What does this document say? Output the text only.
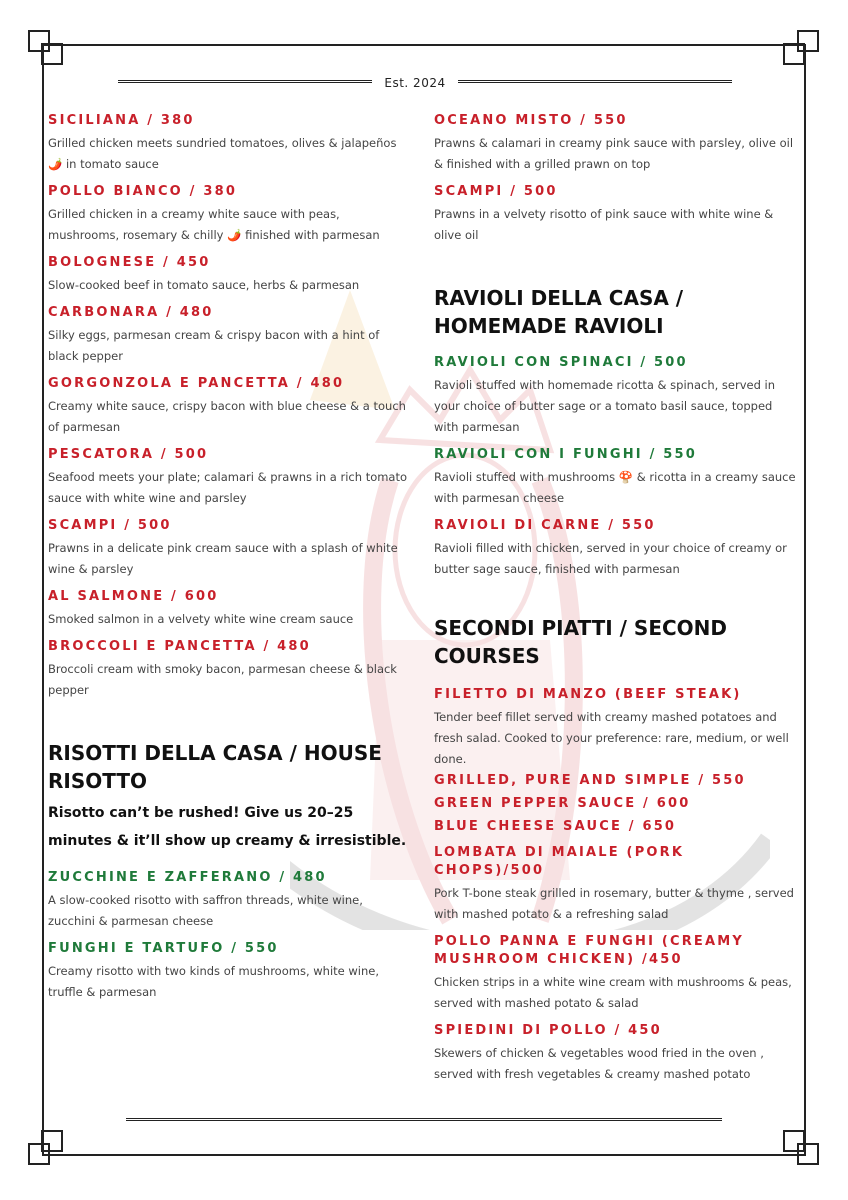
Est. 2024
SICILIANA / 380
Grilled chicken meets sundried tomatoes, olives & jalapeños 🌶️ in tomato sauce
POLLO BIANCO / 380
Grilled chicken in a creamy white sauce with peas, mushrooms, rosemary & chilly 🌶️ finished with parmesan
BOLOGNESE / 450
Slow-cooked beef in tomato sauce, herbs & parmesan
CARBONARA / 480
Silky eggs, parmesan cream & crispy bacon with a hint of black pepper
GORGONZOLA E PANCETTA / 480
Creamy white sauce, crispy bacon with blue cheese & a touch of parmesan
PESCATORA / 500
Seafood meets your plate; calamari & prawns in a rich tomato sauce with white wine and parsley
SCAMPI / 500
Prawns in a delicate pink cream sauce with a splash of white wine & parsley
AL SALMONE / 600
Smoked salmon in a velvety white wine cream sauce
BROCCOLI E PANCETTA / 480
Broccoli cream with smoky bacon, parmesan cheese & black pepper
RISOTTI DELLA CASA / HOUSE RISOTTO
Risotto can’t be rushed! Give us 20–25 minutes & it’ll show up creamy & irresistible.
ZUCCHINE E ZAFFERANO / 480
A slow-cooked risotto with saffron threads, white wine, zucchini & parmesan cheese
FUNGHI E TARTUFO / 550
Creamy risotto with two kinds of mushrooms, white wine, truffle & parmesan
OCEANO MISTO / 550
Prawns & calamari in creamy pink sauce with parsley, olive oil & finished with a grilled prawn on top
SCAMPI / 500
Prawns in a velvety risotto of pink sauce with white wine & olive oil
RAVIOLI DELLA CASA / HOMEMADE RAVIOLI
RAVIOLI CON SPINACI / 500
Ravioli stuffed with homemade ricotta & spinach, served in your choice of butter sage or a tomato basil sauce, topped with parmesan
RAVIOLI CON I FUNGHI / 550
Ravioli stuffed with mushrooms 🍄 & ricotta in a creamy sauce with parmesan cheese
RAVIOLI DI CARNE / 550
Ravioli filled with chicken, served in your choice of creamy or butter sage sauce, finished with parmesan
SECONDI PIATTI / SECOND COURSES
FILETTO DI MANZO (BEEF STEAK)
Tender beef fillet served with creamy mashed potatoes and fresh salad. Cooked to your preference: rare, medium, or well done.
GRILLED, PURE AND SIMPLE / 550
GREEN PEPPER SAUCE / 600
BLUE CHEESE SAUCE / 650
LOMBATA DI MAIALE (PORK CHOPS)/500
Pork T-bone steak grilled in rosemary, butter & thyme , served with mashed potato & a refreshing salad
POLLO PANNA E FUNGHI (CREAMY MUSHROOM CHICKEN) /450
Chicken strips in a white wine cream with mushrooms & peas, served with mashed potato & salad
SPIEDINI DI POLLO / 450
Skewers of chicken & vegetables wood fried in the oven , served with fresh vegetables & creamy mashed potato
